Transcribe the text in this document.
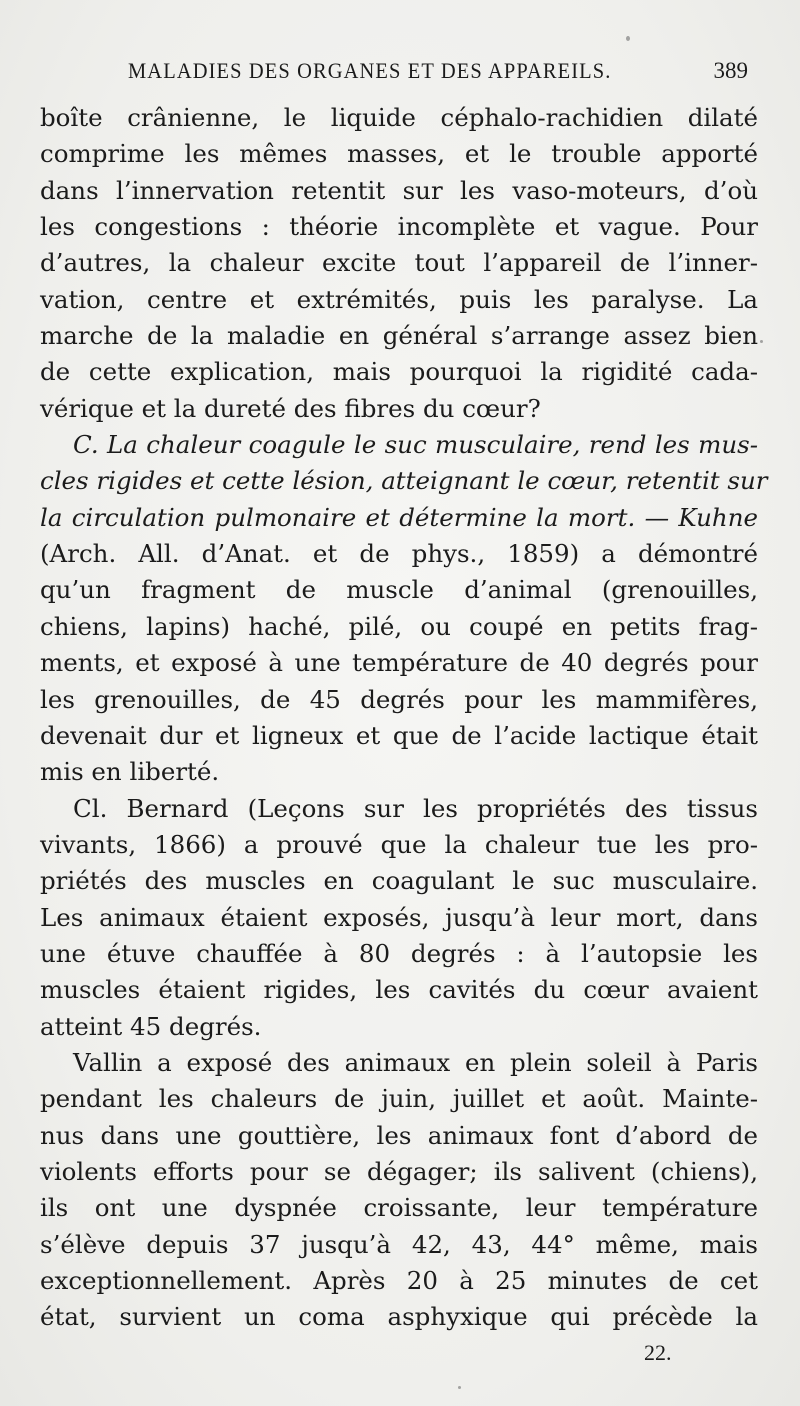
MALADIES DES ORGANES ET DES APPAREILS.	389
boîte crânienne, le liquide céphalo-rachidien dilaté
comprime les mêmes masses, et le trouble apporté
dans l’innervation retentit sur les vaso-moteurs, d’où
les congestions : théorie incomplète et vague. Pour
d’autres, la chaleur excite tout l’appareil de l’inner-
vation, centre et extrémités, puis les paralyse. La
marche de la maladie en général s’arrange assez bien
de cette explication, mais pourquoi la rigidité cada-
vérique et la dureté des fibres du cœur?
C. La chaleur coagule le suc musculaire, rend les mus-
cles rigides et cette lésion, atteignant le cœur, retentit sur
la circulation pulmonaire et détermine la mort. — Kuhne
(Arch. All. d’Anat. et de phys., 1859) a démontré
qu’un fragment de muscle d’animal (grenouilles,
chiens, lapins) haché, pilé, ou coupé en petits frag-
ments, et exposé à une température de 40 degrés pour
les grenouilles, de 45 degrés pour les mammifères,
devenait dur et ligneux et que de l’acide lactique était
mis en liberté.
Cl. Bernard (Leçons sur les propriétés des tissus
vivants, 1866) a prouvé que la chaleur tue les pro-
priétés des muscles en coagulant le suc musculaire.
Les animaux étaient exposés, jusqu’à leur mort, dans
une étuve chauffée à 80 degrés : à l’autopsie les
muscles étaient rigides, les cavités du cœur avaient
atteint 45 degrés.
Vallin a exposé des animaux en plein soleil à Paris
pendant les chaleurs de juin, juillet et août. Mainte-
nus dans une gouttière, les animaux font d’abord de
violents efforts pour se dégager; ils salivent (chiens),
ils ont une dyspnée croissante, leur température
s’élève depuis 37 jusqu’à 42, 43, 44° même, mais
exceptionnellement. Après 20 à 25 minutes de cet
état, survient un coma asphyxique qui précède la
22.
